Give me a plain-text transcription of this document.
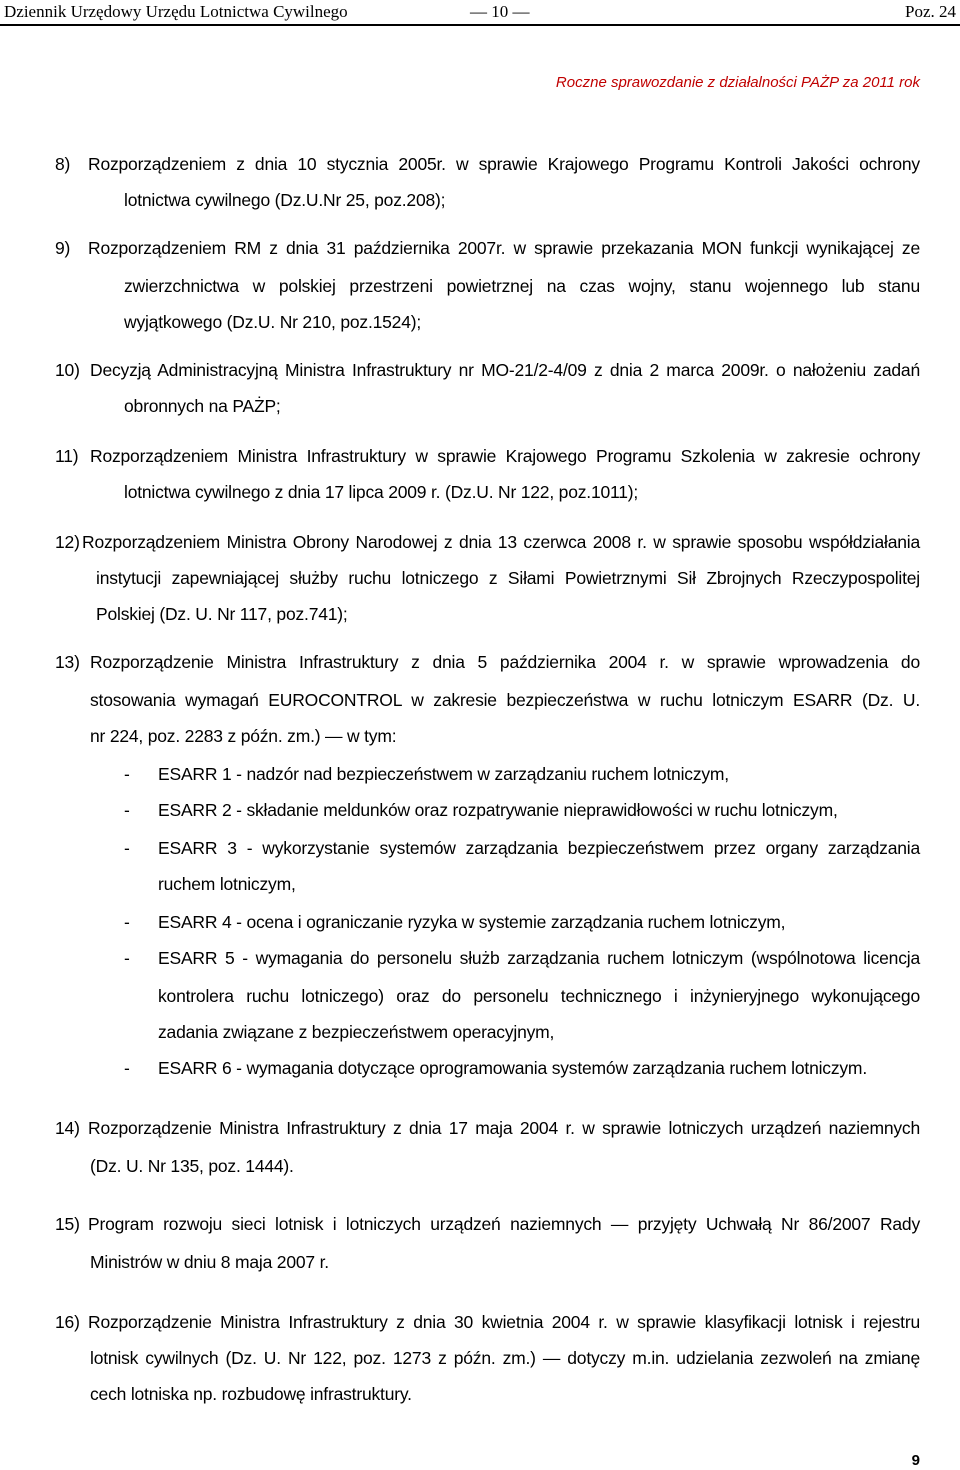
Dziennik Urzędowy Urzędu Lotnictwa Cywilnego	— 10 —	Poz. 24
Roczne sprawozdanie z działalności PAŻP za 2011 rok
8) Rozporządzeniem z dnia 10 stycznia 2005r. w sprawie Krajowego Programu Kontroli Jakości ochrony
lotnictwa cywilnego (Dz.U.Nr 25, poz.208);
9) Rozporządzeniem RM z dnia 31 października 2007r. w sprawie przekazania MON funkcji wynikającej ze
zwierzchnictwa w polskiej przestrzeni powietrznej na czas wojny, stanu wojennego lub stanu
wyjątkowego (Dz.U. Nr 210, poz.1524);
10) Decyzją Administracyjną Ministra Infrastruktury nr MO-21/2-4/09 z dnia 2 marca 2009r. o nałożeniu zadań
obronnych na PAŻP;
11) Rozporządzeniem Ministra Infrastruktury w sprawie Krajowego Programu Szkolenia w zakresie ochrony
lotnictwa cywilnego z dnia 17 lipca 2009 r. (Dz.U. Nr 122, poz.1011);
12) Rozporządzeniem Ministra Obrony Narodowej z dnia 13 czerwca 2008 r. w sprawie sposobu współdziałania
instytucji zapewniającej służby ruchu lotniczego z Siłami Powietrznymi Sił Zbrojnych Rzeczypospolitej
Polskiej (Dz. U. Nr 117, poz.741);
13) Rozporządzenie Ministra Infrastruktury z dnia 5 października 2004 r. w sprawie wprowadzenia do
stosowania wymagań EUROCONTROL w zakresie bezpieczeństwa w ruchu lotniczym ESARR (Dz. U.
nr 224, poz. 2283 z późn. zm.) — w tym:
- ESARR 1 - nadzór nad bezpieczeństwem w zarządzaniu ruchem lotniczym,
- ESARR 2 - składanie meldunków oraz rozpatrywanie nieprawidłowości w ruchu lotniczym,
- ESARR 3 - wykorzystanie systemów zarządzania bezpieczeństwem przez organy zarządzania
ruchem lotniczym,
- ESARR 4 - ocena i ograniczanie ryzyka w systemie zarządzania ruchem lotniczym,
- ESARR 5 - wymagania do personelu służb zarządzania ruchem lotniczym (wspólnotowa licencja
kontrolera ruchu lotniczego) oraz do personelu technicznego i inżynieryjnego wykonującego
zadania związane z bezpieczeństwem operacyjnym,
- ESARR 6 - wymagania dotyczące oprogramowania systemów zarządzania ruchem lotniczym.
14) Rozporządzenie Ministra Infrastruktury z dnia 17 maja 2004 r. w sprawie lotniczych urządzeń naziemnych
(Dz. U. Nr 135, poz. 1444).
15) Program rozwoju sieci lotnisk i lotniczych urządzeń naziemnych — przyjęty Uchwałą Nr 86/2007 Rady
Ministrów w dniu 8 maja 2007 r.
16) Rozporządzenie Ministra Infrastruktury z dnia 30 kwietnia 2004 r. w sprawie klasyfikacji lotnisk i rejestru
lotnisk cywilnych (Dz. U. Nr 122, poz. 1273 z późn. zm.) — dotyczy m.in. udzielania zezwoleń na zmianę
cech lotniska np. rozbudowę infrastruktury.
9
